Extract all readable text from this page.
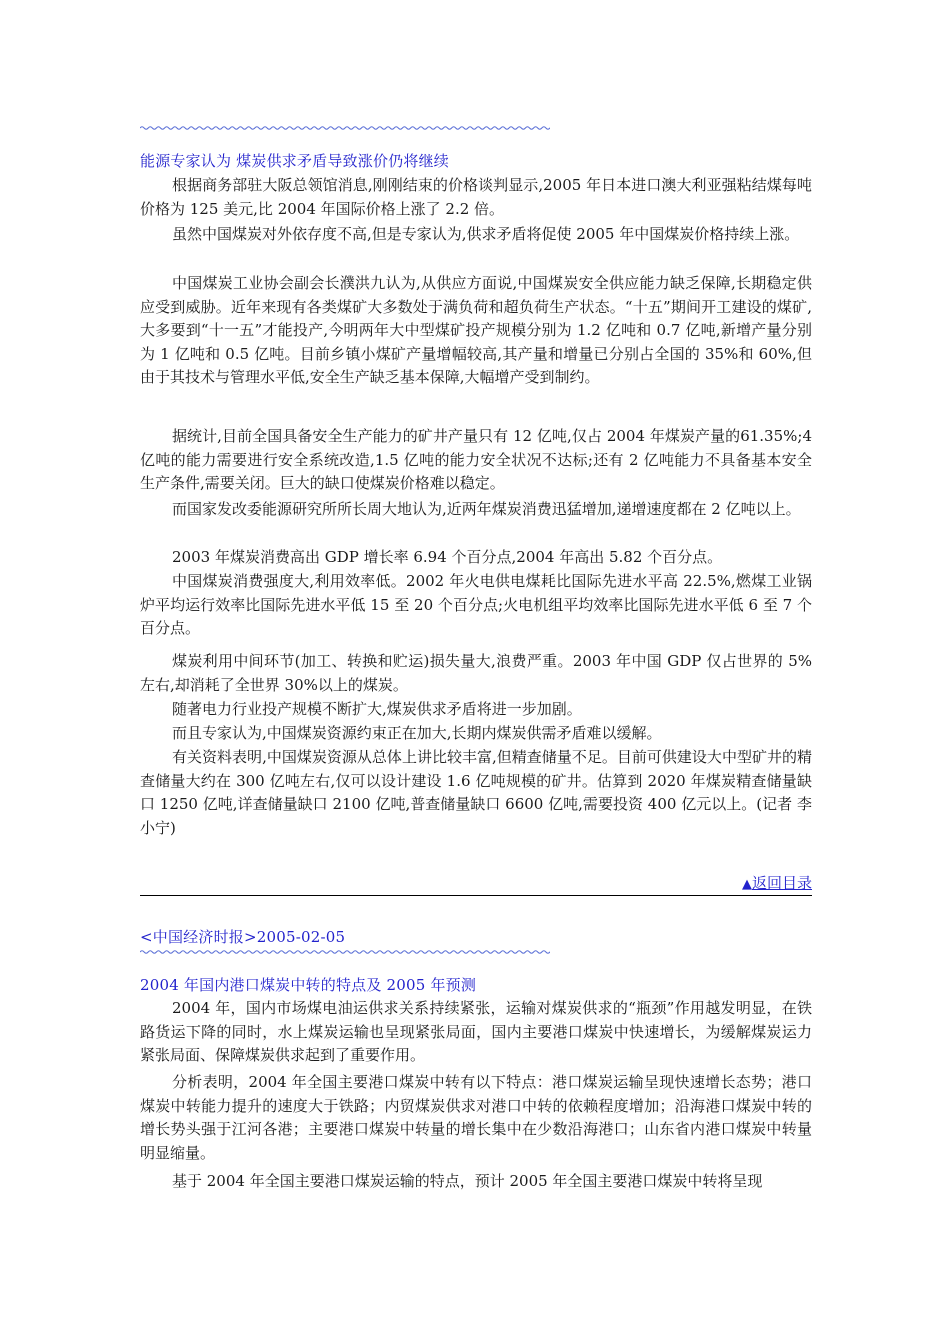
能源专家认为 煤炭供求矛盾导致涨价仍将继续

根据商务部驻大阪总领馆消息,刚刚结束的价格谈判显示,2005 年日本进口澳大利亚强粘结煤每吨价格为 125 美元,比 2004 年国际价格上涨了 2.2 倍。

虽然中国煤炭对外依存度不高,但是专家认为,供求矛盾将促使 2005 年中国煤炭价格持续上涨。

中国煤炭工业协会副会长濮洪九认为,从供应方面说,中国煤炭安全供应能力缺乏保障,长期稳定供应受到威胁。近年来现有各类煤矿大多数处于满负荷和超负荷生产状态。“十五”期间开工建设的煤矿,大多要到“十一五”才能投产,今明两年大中型煤矿投产规模分别为 1.2 亿吨和 0.7 亿吨,新增产量分别为 1 亿吨和 0.5 亿吨。目前乡镇小煤矿产量增幅较高,其产量和增量已分别占全国的 35%和 60%,但由于其技术与管理水平低,安全生产缺乏基本保障,大幅增产受到制约。

据统计,目前全国具备安全生产能力的矿井产量只有 12 亿吨,仅占 2004 年煤炭产量的61.35%;4 亿吨的能力需要进行安全系统改造,1.5 亿吨的能力安全状况不达标;还有 2 亿吨能力不具备基本安全生产条件,需要关闭。巨大的缺口使煤炭价格难以稳定。

而国家发改委能源研究所所长周大地认为,近两年煤炭消费迅猛增加,递增速度都在 2 亿吨以上。

2003 年煤炭消费高出 GDP 增长率 6.94 个百分点,2004 年高出 5.82 个百分点。

中国煤炭消费强度大,利用效率低。2002 年火电供电煤耗比国际先进水平高 22.5%,燃煤工业锅炉平均运行效率比国际先进水平低 15 至 20 个百分点;火电机组平均效率比国际先进水平低 6 至 7 个百分点。

煤炭利用中间环节(加工、转换和贮运)损失量大,浪费严重。2003 年中国 GDP 仅占世界的 5%左右,却消耗了全世界 30%以上的煤炭。

随著电力行业投产规模不断扩大,煤炭供求矛盾将进一步加剧。

而且专家认为,中国煤炭资源约束正在加大,长期内煤炭供需矛盾难以缓解。

有关资料表明,中国煤炭资源从总体上讲比较丰富,但精查储量不足。目前可供建设大中型矿井的精查储量大约在 300 亿吨左右,仅可以设计建设 1.6 亿吨规模的矿井。估算到 2020 年煤炭精查储量缺口 1250 亿吨,详查储量缺口 2100 亿吨,普查储量缺口 6600 亿吨,需要投资 400 亿元以上。(记者 李小宁)

▲返回目录
<中国经济时报>2005-02-05
2004 年国内港口煤炭中转的特点及 2005 年预测

2004 年，国内市场煤电油运供求关系持续紧张，运输对煤炭供求的“瓶颈”作用越发明显，在铁路货运下降的同时，水上煤炭运输也呈现紧张局面，国内主要港口煤炭中快速增长，为缓解煤炭运力紧张局面、保障煤炭供求起到了重要作用。

分析表明，2004 年全国主要港口煤炭中转有以下特点：港口煤炭运输呈现快速增长态势；港口煤炭中转能力提升的速度大于铁路；内贸煤炭供求对港口中转的依赖程度增加；沿海港口煤炭中转的增长势头强于江河各港；主要港口煤炭中转量的增长集中在少数沿海港口；山东省内港口煤炭中转量明显缩量。

基于 2004 年全国主要港口煤炭运输的特点，预计 2005 年全国主要港口煤炭中转将呈现
